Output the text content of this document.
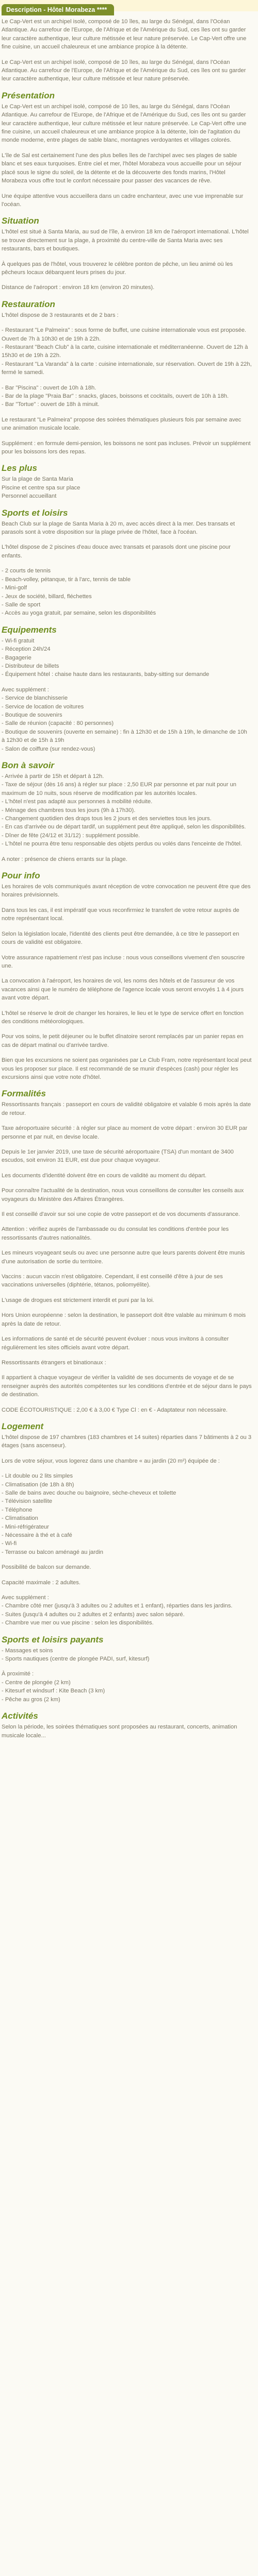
Description - Hôtel Morabeza ****

Le Cap-Vert est un archipel isolé, composé de 10 îles, au large du Sénégal, dans l'Océan Atlantique. Au carrefour de l'Europe, de l'Afrique et de l'Amérique du Sud, ces îles ont su garder leur caractère authentique, leur culture métissée et leur nature préservée. Le Cap-Vert offre une fine cuisine, un accueil chaleureux et une ambiance propice à la détente.

Le Cap-Vert est un archipel isolé, composé de 10 îles, au large du Sénégal, dans l'Océan Atlantique. Au carrefour de l'Europe, de l'Afrique et de l'Amérique du Sud, ces îles ont su garder leur caractère authentique, leur culture métissée et leur nature préservée.

Présentation

Le Cap-Vert est un archipel isolé, composé de 10 îles, au large du Sénégal, dans l'Océan Atlantique. Au carrefour de l'Europe, de l'Afrique et de l'Amérique du Sud, ces îles ont su garder leur caractère authentique, leur culture métissée et leur nature préservée. Le Cap-Vert offre une fine cuisine, un accueil chaleureux et une ambiance propice à la détente, loin de l'agitation du monde moderne, entre plages de sable blanc, montagnes verdoyantes et villages colorés.

L'île de Sal est certainement l'une des plus belles îles de l'archipel avec ses plages de sable blanc et ses eaux turquoises. Entre ciel et mer, l'hôtel Morabeza vous accueille pour un séjour placé sous le signe du soleil, de la détente et de la découverte des fonds marins, l'Hôtel Morabeza vous offre tout le confort nécessaire pour passer des vacances de rêve.

Une équipe attentive vous accueillera dans un cadre enchanteur, avec une vue imprenable sur l'océan.

Situation

L'hôtel est situé à Santa Maria, au sud de l'île, à environ 18 km de l'aéroport international. L'hôtel se trouve directement sur la plage, à proximité du centre-ville de Santa Maria avec ses restaurants, bars et boutiques.

À quelques pas de l'hôtel, vous trouverez le célèbre ponton de pêche, un lieu animé où les pêcheurs locaux débarquent leurs prises du jour.

Distance de l'aéroport : environ 18 km (environ 20 minutes).

Restauration

L'hôtel dispose de 3 restaurants et de 2 bars :

- Restaurant "Le Palmeira" : sous forme de buffet, une cuisine internationale vous est proposée. Ouvert de 7h à 10h30 et de 19h à 22h.
- Restaurant "Beach Club" à la carte, cuisine internationale et méditerranéenne. Ouvert de 12h à 15h30 et de 19h à 22h.
- Restaurant "La Varanda" à la carte : cuisine internationale, sur réservation. Ouvert de 19h à 22h, fermé le samedi.
- Bar "Piscina" : ouvert de 10h à 18h.
- Bar de la plage "Praia Bar" : snacks, glaces, boissons et cocktails, ouvert de 10h à 18h.
- Bar "Tortue" : ouvert de 18h à minuit.

Le restaurant "Le Palmeira" propose des soirées thématiques plusieurs fois par semaine avec une animation musicale locale.

Supplément : en formule demi-pension, les boissons ne sont pas incluses. Prévoir un supplément pour les boissons lors des repas.

Les plus
Sur la plage de Santa Maria
Piscine et centre spa sur place
Personnel accueillant
Sports et loisirs

Beach Club sur la plage de Santa Maria à 20 m, avec accès direct à la mer. Des transats et parasols sont à votre disposition sur la plage privée de l'hôtel, face à l'océan.

L'hôtel dispose de 2 piscines d'eau douce avec transats et parasols dont une piscine pour enfants.

- 2 courts de tennis
- Beach-volley, pétanque, tir à l'arc, tennis de table
- Mini-golf
- Jeux de société, billard, fléchettes
- Salle de sport
- Accès au yoga gratuit, par semaine, selon les disponibilités
Equipements
- Wi-fi gratuit
- Réception 24h/24
- Bagagerie
- Distributeur de billets
- Équipement hôtel : chaise haute dans les restaurants, baby-sitting sur demande
Avec supplément :
- Service de blanchisserie
- Service de location de voitures
- Boutique de souvenirs
- Salle de réunion (capacité : 80 personnes)
- Boutique de souvenirs (ouverte en semaine) : fin à 12h30 et de 15h à 19h, le dimanche de 10h à 12h30 et de 15h à 19h
- Salon de coiffure (sur rendez-vous)
Bon à savoir
- Arrivée à partir de 15h et départ à 12h.
- Taxe de séjour (dès 16 ans) à régler sur place : 2,50 EUR par personne et par nuit pour un maximum de 10 nuits, sous réserve de modification par les autorités locales.
- L'hôtel n'est pas adapté aux personnes à mobilité réduite.
- Ménage des chambres tous les jours (9h à 17h30).
- Changement quotidien des draps tous les 2 jours et des serviettes tous les jours.
- En cas d'arrivée ou de départ tardif, un supplément peut être appliqué, selon les disponibilités.
- Dîner de fête (24/12 et 31/12) : supplément possible.
- L'hôtel ne pourra être tenu responsable des objets perdus ou volés dans l'enceinte de l'hôtel.

A noter : présence de chiens errants sur la plage.

Pour info

Les horaires de vols communiqués avant réception de votre convocation ne peuvent être que des horaires prévisionnels.

Dans tous les cas, il est impératif que vous reconfirmiez le transfert de votre retour auprès de notre représentant local.

Selon la législation locale, l'identité des clients peut être demandée, à ce titre le passeport en cours de validité est obligatoire.

Votre assurance rapatriement n'est pas incluse : nous vous conseillons vivement d'en souscrire une.

La convocation à l'aéroport, les horaires de vol, les noms des hôtels et de l'assureur de vos vacances ainsi que le numéro de téléphone de l'agence locale vous seront envoyés 1 à 4 jours avant votre départ.

L'hôtel se réserve le droit de changer les horaires, le lieu et le type de service offert en fonction des conditions météorologiques.

Pour vos soins, le petit déjeuner ou le buffet dînatoire seront remplacés par un panier repas en cas de départ matinal ou d'arrivée tardive.

Bien que les excursions ne soient pas organisées par Le Club Fram, notre représentant local peut vous les proposer sur place. Il est recommandé de se munir d'espèces (cash) pour régler les excursions ainsi que votre note d'hôtel.

Formalités

Ressortissants français : passeport en cours de validité obligatoire et valable 6 mois après la date de retour.

Taxe aéroportuaire sécurité : à régler sur place au moment de votre départ : environ 30 EUR par personne et par nuit, en devise locale.

Depuis le 1er janvier 2019, une taxe de sécurité aéroportuaire (TSA) d'un montant de 3400 escudos, soit environ 31 EUR, est due pour chaque voyageur.

Les documents d'identité doivent être en cours de validité au moment du départ.

Pour connaître l'actualité de la destination, nous vous conseillons de consulter les conseils aux voyageurs du Ministère des Affaires Étrangères.

Il est conseillé d'avoir sur soi une copie de votre passeport et de vos documents d'assurance.

Attention : vérifiez auprès de l'ambassade ou du consulat les conditions d'entrée pour les ressortissants d'autres nationalités.

Les mineurs voyageant seuls ou avec une personne autre que leurs parents doivent être munis d'une autorisation de sortie du territoire.

Vaccins : aucun vaccin n'est obligatoire. Cependant, il est conseillé d'être à jour de ses vaccinations universelles (diphtérie, tétanos, poliomyélite).

L'usage de drogues est strictement interdit et puni par la loi.

Hors Union européenne : selon la destination, le passeport doit être valable au minimum 6 mois après la date de retour.

Les informations de santé et de sécurité peuvent évoluer : nous vous invitons à consulter régulièrement les sites officiels avant votre départ.

Ressortissants étrangers et binationaux :

Il appartient à chaque voyageur de vérifier la validité de ses documents de voyage et de se renseigner auprès des autorités compétentes sur les conditions d'entrée et de séjour dans le pays de destination.

CODE ÉCOTOURISTIQUE : 2,00 € à 3,00 € Type Cl : en € - Adaptateur non nécessaire.

Logement

L'hôtel dispose de 197 chambres (183 chambres et 14 suites) réparties dans 7 bâtiments à 2 ou 3 étages (sans ascenseur).

Lors de votre séjour, vous logerez dans une chambre « au jardin (20 m²) équipée de :

- Lit double ou 2 lits simples
- Climatisation (de 18h à 8h)
- Salle de bains avec douche ou baignoire, sèche-cheveux et toilette
- Télévision satellite
- Téléphone
- Climatisation
- Mini-réfrigérateur
- Nécessaire à thé et à café
- Wi-fi
- Terrasse ou balcon aménagé au jardin

Possibilité de balcon sur demande.

Capacité maximale : 2 adultes.

Avec supplément :
- Chambre côté mer (jusqu'à 3 adultes ou 2 adultes et 1 enfant), réparties dans les jardins.
- Suites (jusqu'à 4 adultes ou 2 adultes et 2 enfants) avec salon séparé.
- Chambre vue mer ou vue piscine : selon les disponibilités.
Sports et loisirs payants
- Massages et soins
- Sports nautiques (centre de plongée PADI, surf, kitesurf)
À proximité :
- Centre de plongée (2 km)
- Kitesurf et windsurf : Kite Beach (3 km)
- Pêche au gros (2 km)
Activités

Selon la période, les soirées thématiques sont proposées au restaurant, concerts, animation musicale locale...
